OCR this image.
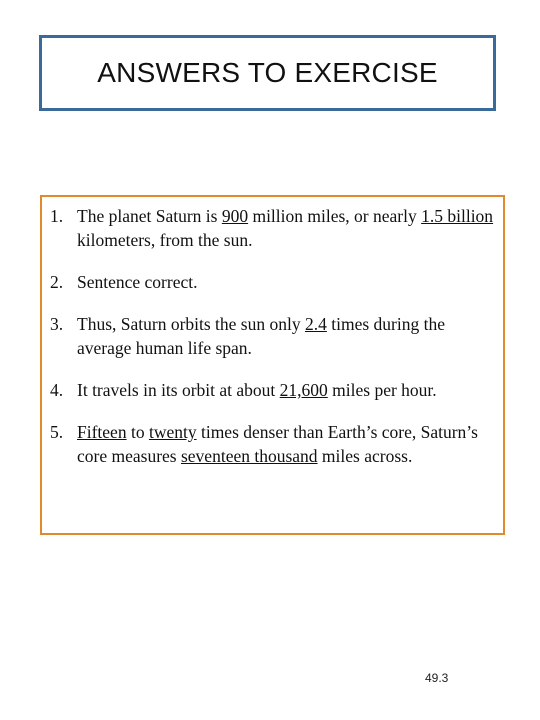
ANSWERS TO EXERCISE
1. The planet Saturn is 900 million miles, or nearly 1.5 billion kilometers, from the sun.
2. Sentence correct.
3. Thus, Saturn orbits the sun only 2.4 times during the average human life span.
4. It travels in its orbit at about 21,600 miles per hour.
5. Fifteen to twenty times denser than Earth’s core, Saturn’s core measures seventeen thousand miles across.
49.3
